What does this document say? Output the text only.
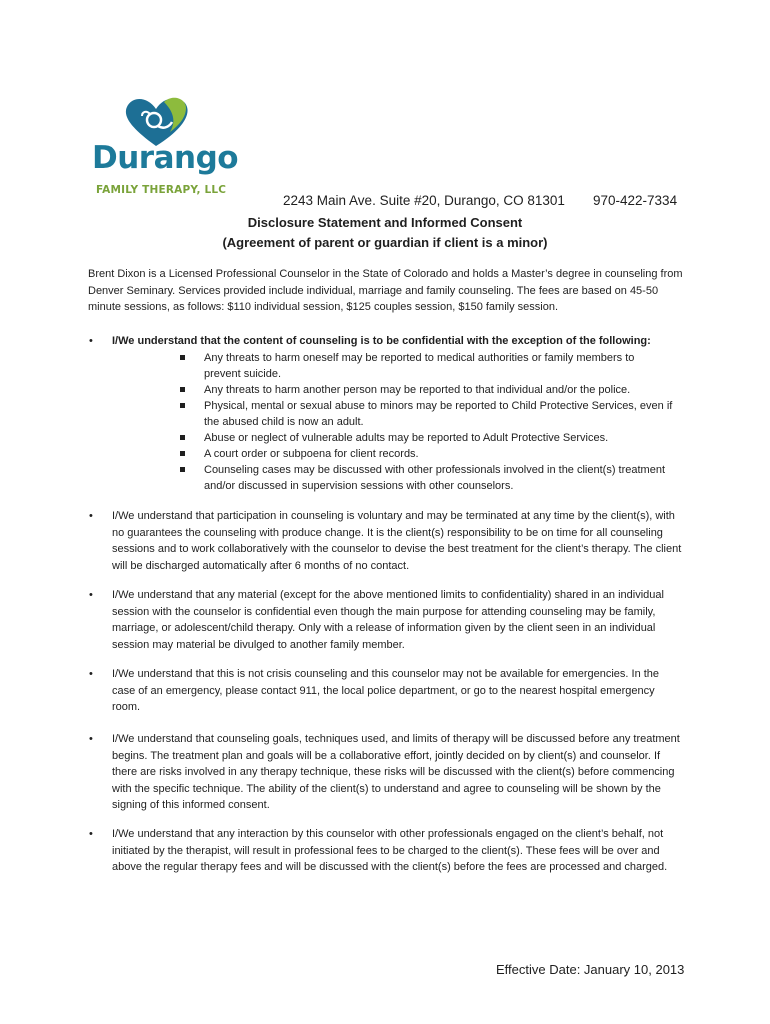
Durango
FAMILY THERAPY, LLC
2243 Main Ave. Suite #20, Durango, CO 81301 970-422-7334
Disclosure Statement and Informed Consent
(Agreement of parent or guardian if client is a minor)
Brent Dixon is a Licensed Professional Counselor in the State of Colorado and holds a Master’s degree in counseling from Denver Seminary. Services provided include individual, marriage and family counseling. The fees are based on 45-50 minute sessions, as follows: $110 individual session, $125 couples session, $150 family session.
• I/We understand that the content of counseling is to be confidential with the exception of the following:
Any threats to harm oneself may be reported to medical authorities or family members to prevent suicide.
Any threats to harm another person may be reported to that individual and/or the police.
Physical, mental or sexual abuse to minors may be reported to Child Protective Services, even if the abused child is now an adult.
Abuse or neglect of vulnerable adults may be reported to Adult Protective Services.
A court order or subpoena for client records.
Counseling cases may be discussed with other professionals involved in the client(s) treatment and/or discussed in supervision sessions with other counselors.
• I/We understand that participation in counseling is voluntary and may be terminated at any time by the client(s), with no guarantees the counseling with produce change. It is the client(s) responsibility to be on time for all counseling sessions and to work collaboratively with the counselor to devise the best treatment for the client’s therapy. The client will be discharged automatically after 6 months of no contact.
• I/We understand that any material (except for the above mentioned limits to confidentiality) shared in an individual session with the counselor is confidential even though the main purpose for attending counseling may be family, marriage, or adolescent/child therapy. Only with a release of information given by the client seen in an individual session may material be divulged to another family member.
• I/We understand that this is not crisis counseling and this counselor may not be available for emergencies. In the case of an emergency, please contact 911, the local police department, or go to the nearest hospital emergency room.
• I/We understand that counseling goals, techniques used, and limits of therapy will be discussed before any treatment begins. The treatment plan and goals will be a collaborative effort, jointly decided on by client(s) and counselor. If there are risks involved in any therapy technique, these risks will be discussed with the client(s) before commencing with the specific technique. The ability of the client(s) to understand and agree to counseling will be shown by the signing of this informed consent.
• I/We understand that any interaction by this counselor with other professionals engaged on the client’s behalf, not initiated by the therapist, will result in professional fees to be charged to the client(s). These fees will be over and above the regular therapy fees and will be discussed with the client(s) before the fees are processed and charged.
Effective Date: January 10, 2013
